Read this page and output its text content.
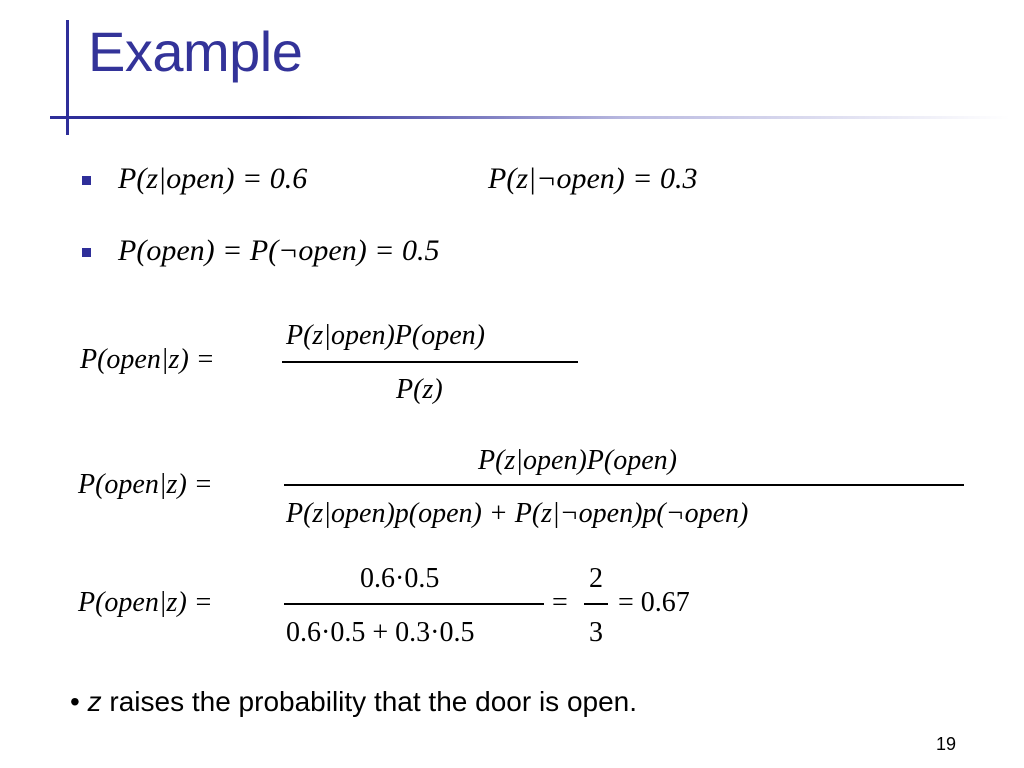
Example
P(z|open) = 0.6	P(z|¬open) = 0.3
P(open) = P(¬open) = 0.5
P(open|z) =
P(z|open)P(open)
P(z)
P(open|z) =
P(z|open)P(open)
P(z|open)p(open) + P(z|¬open)p(¬open)
P(open|z) =
0.6·0.5
0.6·0.5 + 0.3·0.5
=
2
3
= 0.67
• z raises the probability that the door is open.
19
